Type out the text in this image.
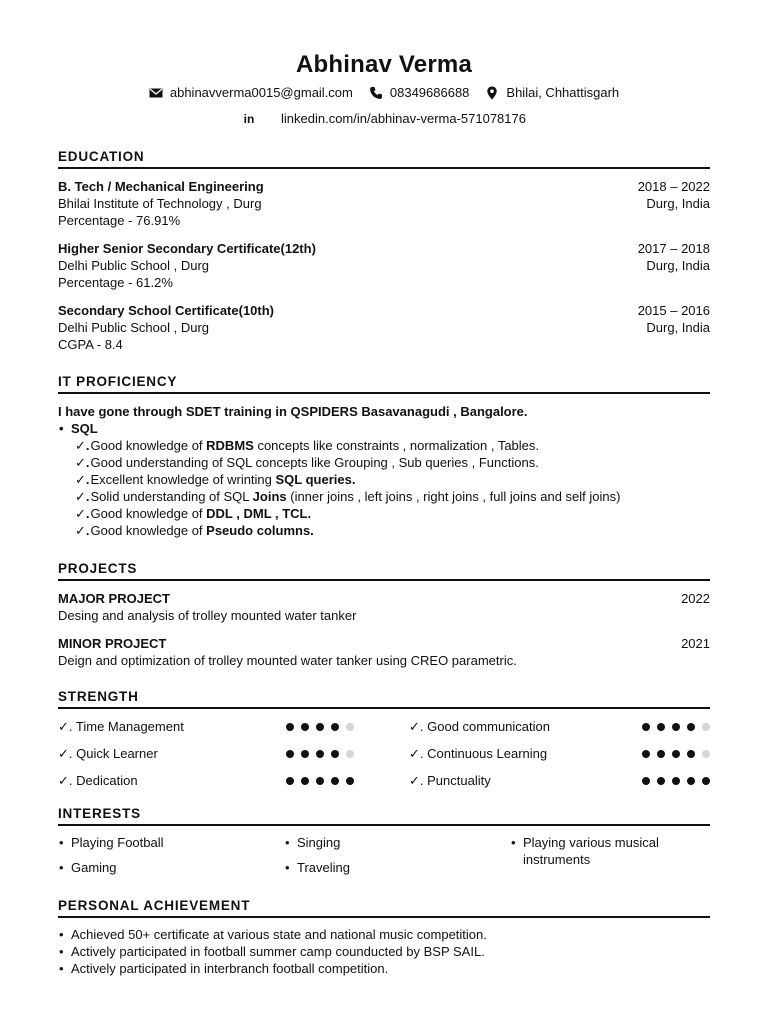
Abhinav Verma
abhinavverma0015@gmail.com	08349686688	Bhilai, Chhattisgarh
in linkedin.com/in/abhinav-verma-571078176
EDUCATION
B. Tech / Mechanical Engineering	2018 – 2022
Bhilai Institute of Technology , Durg	Durg, India
Percentage - 76.91%
Higher Senior Secondary Certificate(12th)	2017 – 2018
Delhi Public School , Durg	Durg, India
Percentage - 61.2%
Secondary School Certificate(10th)	2015 – 2016
Delhi Public School , Durg	Durg, India
CGPA - 8.4
IT PROFICIENCY
I have gone through SDET training in QSPIDERS Basavanagudi , Bangalore.
• SQL
✓.Good knowledge of RDBMS concepts like constraints , normalization , Tables.
✓.Good understanding of SQL concepts like Grouping , Sub queries , Functions.
✓.Excellent knowledge of wrinting SQL queries.
✓.Solid understanding of SQL Joins (inner joins , left joins , right joins , full joins and self joins)
✓.Good knowledge of DDL , DML , TCL.
✓.Good knowledge of Pseudo columns.
PROJECTS
MAJOR PROJECT	2022
Desing and analysis of trolley mounted water tanker
MINOR PROJECT	2021
Deign and optimization of trolley mounted water tanker using CREO parametric.
STRENGTH
✓. Time Management	✓. Good communication
✓. Quick Learner	✓. Continuous Learning
✓. Dedication	✓. Punctuality
INTERESTS
• Playing Football	• Singing	• Playing various musical instruments
• Gaming	• Traveling
PERSONAL ACHIEVEMENT
• Achieved 50+ certificate at various state and national music competition.
• Actively participated in football summer camp counducted by BSP SAIL.
• Actively participated in interbranch football competition.
